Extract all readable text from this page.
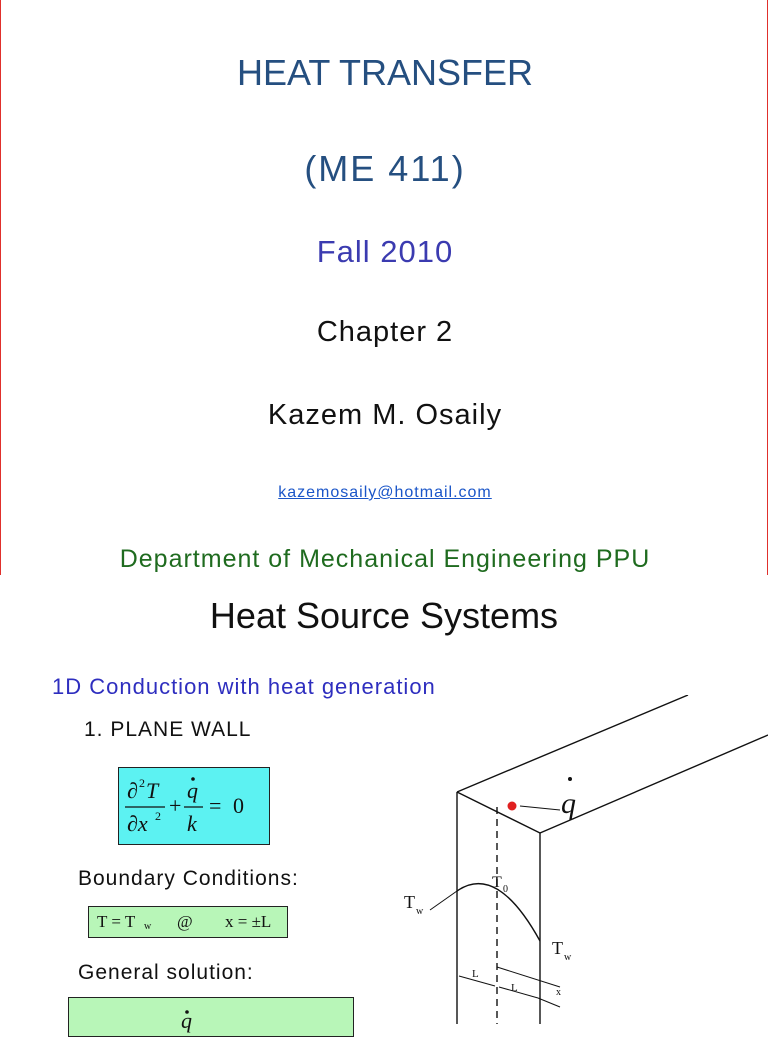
HEAT TRANSFER
(ME 411)
Fall 2010
Chapter 2
Kazem M. Osaily
kazemosaily@hotmail.com
Department of Mechanical Engineering PPU
Heat Source Systems
1D Conduction with heat generation
1. PLANE WALL
∂ 2 T
∂x 2 +
q
k
= 0
Boundary Conditions:
T = T w @ x = ±L
General solution:
q
q
T 0
T w
T w
L
L	x
